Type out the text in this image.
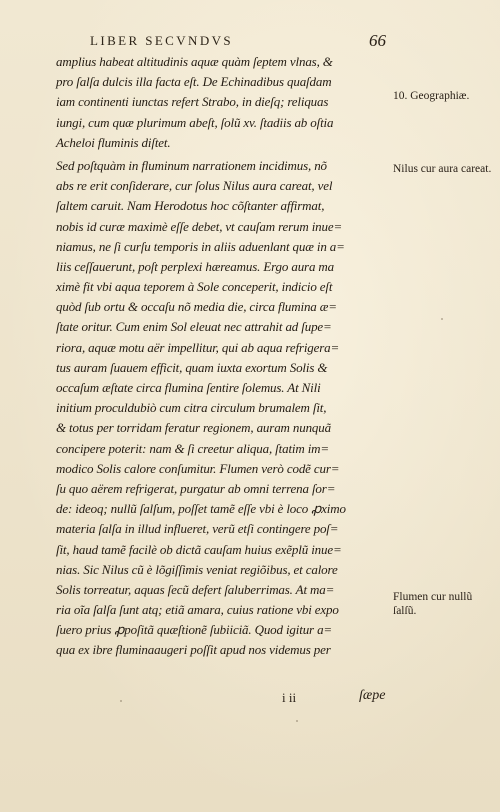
LIBER SECVNDVS	66
amplius habeat altitudinis aquæ quàm ſeptem vlnas, &
pro ſalſa dulcis illa facta eſt. De Echinadibus quaſdam
iam continenti iunctas refert Strabo, in dieſq; reliquas
iungi, cum quæ plurimum abeſt, ſolũ xv. ſtadiis ab oſtia
Acheloi fluminis diſtet.
Sed poſtquàm in fluminum narrationem incidimus, nõ
abs re erit conſiderare, cur ſolus Nilus aura careat, vel
ſaltem caruit. Nam Herodotus hoc cõſtanter affirmat,
nobis id curæ maximè eſſe debet, vt cauſam rerum inue=
niamus, ne ſi curſu temporis in aliis aduenlant quæ in a=
liis ceſſauerunt, poſt perplexi hæreamus. Ergo aura ma
ximè fit vbi aqua teporem à Sole conceperit, indicio eſt
quòd ſub ortu & occaſu nõ media die, circa flumina æ=
ſtate oritur. Cum enim Sol eleuat nec attrahit ad ſupe=
riora, aquæ motu aër impellitur, qui ab aqua refrigera=
tus auram ſuauem efficit, quam iuxta exortum Solis &
occaſum æſtate circa flumina ſentire ſolemus. At Nili
initium proculdubiò cum citra circulum brumalem ſit,
& totus per torridam feratur regionem, auram nunquã
concipere poterit: nam & ſi creetur aliqua, ſtatim im=
modico Solis calore conſumitur. Flumen verò codẽ cur=
ſu quo aërem refrigerat, purgatur ab omni terrena ſor=
de: ideoq; nullũ ſalſum, poſſet tamẽ eſſe vbi è loco ꝓximo
materia ſalſa in illud influeret, verũ etſi contingere poſ=
ſit, haud tamẽ facilè ob dictã cauſam huius exẽplũ inue=
nias. Sic Nilus cũ è lõgiſſimis veniat regiõibus, et calore
Solis torreatur, aquas ſecũ defert ſaluberrimas. At ma=
ria oĩa ſalſa ſunt atq; etiã amara, cuius ratione vbi expo
ſuero prius ꝓpoſitã quæſtionẽ ſubiiciã. Quod igitur a=
qua ex ibre fluminaaugeri poſſit apud nos videmus per
10. Geographiæ.
Nilus cur aura careat.
Flumen cur nullũ ſalſũ.
i ii	ſæpe
